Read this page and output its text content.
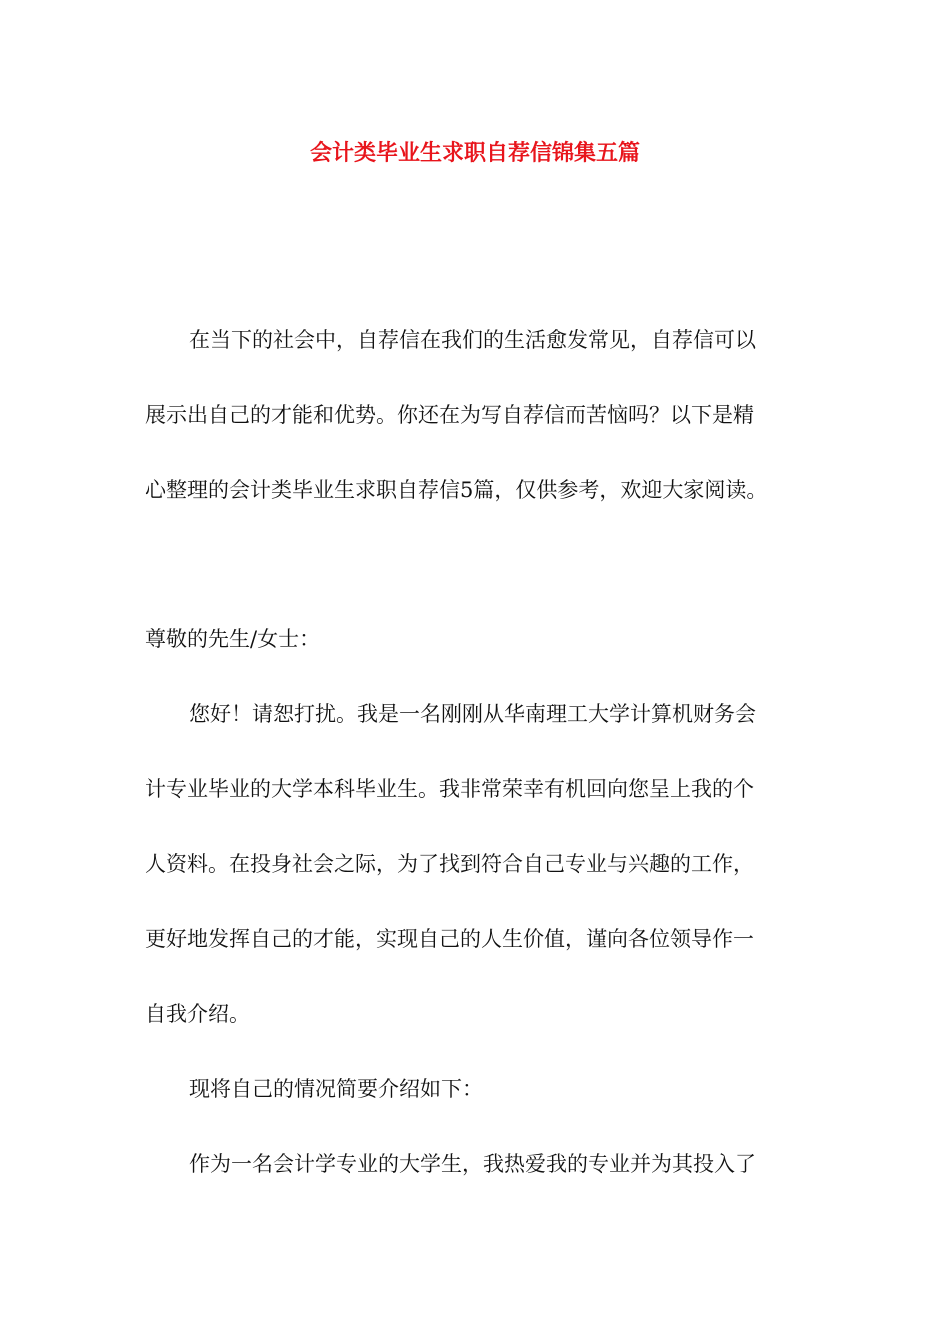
会计类毕业生求职自荐信锦集五篇
在当下的社会中，自荐信在我们的生活愈发常见，自荐信可以
展示出自己的才能和优势。你还在为写自荐信而苦恼吗？以下是精
心整理的会计类毕业生求职自荐信5篇，仅供参考，欢迎大家阅读。
尊敬的先生/女士：
您好！请恕打扰。我是一名刚刚从华南理工大学计算机财务会
计专业毕业的大学本科毕业生。我非常荣幸有机回向您呈上我的个
人资料。在投身社会之际，为了找到符合自己专业与兴趣的工作，
更好地发挥自己的才能，实现自己的人生价值，谨向各位领导作一
自我介绍。
现将自己的情况简要介绍如下：
作为一名会计学专业的大学生，我热爱我的专业并为其投入了
